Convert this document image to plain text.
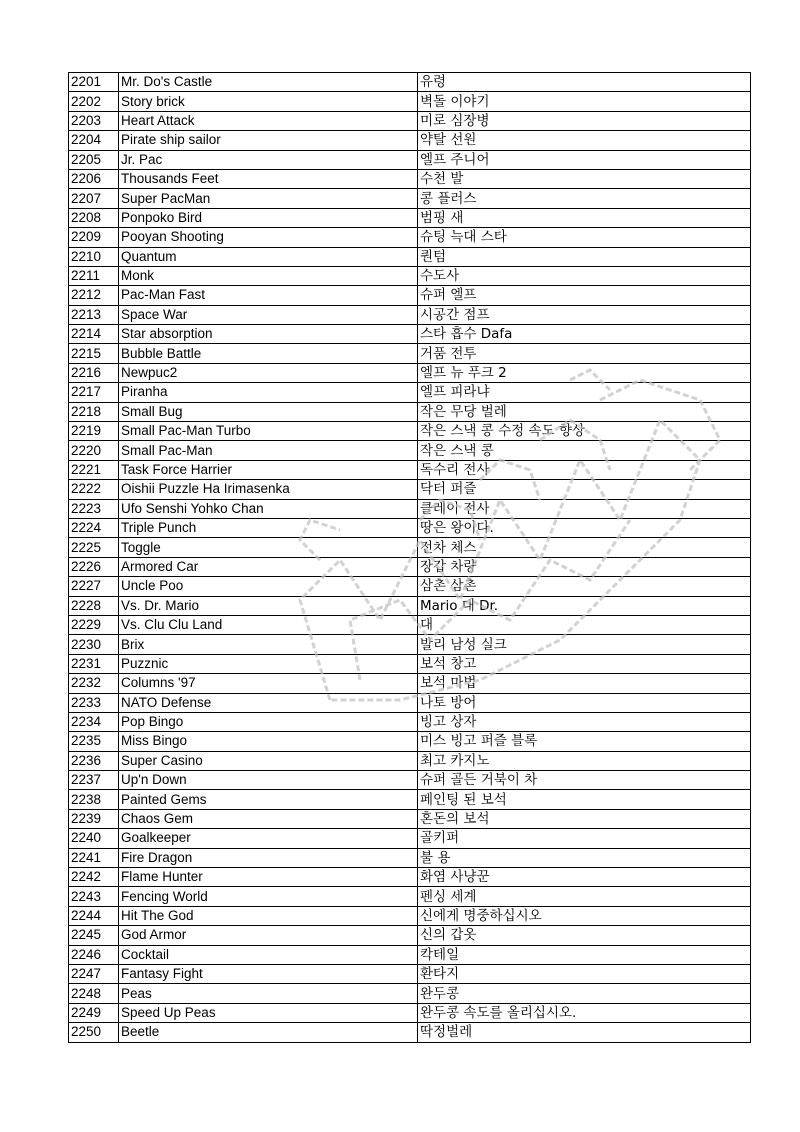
2201	Mr. Do's Castle	유령
2202	Story brick	벽돌 이야기
2203	Heart Attack	미로 심장병
2204	Pirate ship sailor	약탈 선원
2205	Jr. Pac	엘프 주니어
2206	Thousands Feet	수천 발
2207	Super PacMan	콩 플러스
2208	Ponpoko Bird	범핑 새
2209	Pooyan Shooting	슈팅 늑대 스타
2210	Quantum	퀀텀
2211	Monk	수도사
2212	Pac-Man Fast	슈퍼 엘프
2213	Space War	시공간 점프
2214	Star absorption	스타 흡수 Dafa
2215	Bubble Battle	거품 전투
2216	Newpuc2	엘프 뉴 푸크 2
2217	Piranha	엘프 피라냐
2218	Small Bug	작은 무당 벌레
2219	Small Pac-Man Turbo	작은 스낵 콩 수정 속도 향상
2220	Small Pac-Man	작은 스낵 콩
2221	Task Force Harrier	독수리 전사
2222	Oishii Puzzle Ha Irimasenka	닥터 퍼즐
2223	Ufo Senshi Yohko Chan	클레이 전사
2224	Triple Punch	땅은 왕이다.
2225	Toggle	전차 체스
2226	Armored Car	장갑 차량
2227	Uncle Poo	삼촌 삼촌
2228	Vs. Dr. Mario	Mario 대 Dr.
2229	Vs. Clu Clu Land	대
2230	Brix	발리 남성 실크
2231	Puzznic	보석 창고
2232	Columns '97	보석 마법
2233	NATO Defense	나토 방어
2234	Pop Bingo	빙고 상자
2235	Miss Bingo	미스 빙고 퍼즐 블록
2236	Super Casino	최고 카지노
2237	Up'n Down	슈퍼 골든 거북이 차
2238	Painted Gems	페인팅 된 보석
2239	Chaos Gem	혼돈의 보석
2240	Goalkeeper	골키퍼
2241	Fire Dragon	불 용
2242	Flame Hunter	화염 사냥꾼
2243	Fencing World	펜싱 세계
2244	Hit The God	신에게 명중하십시오
2245	God Armor	신의 갑옷
2246	Cocktail	칵테일
2247	Fantasy Fight	환타지
2248	Peas	완두콩
2249	Speed Up Peas	완두콩 속도를 올리십시오.
2250	Beetle	딱정벌레
